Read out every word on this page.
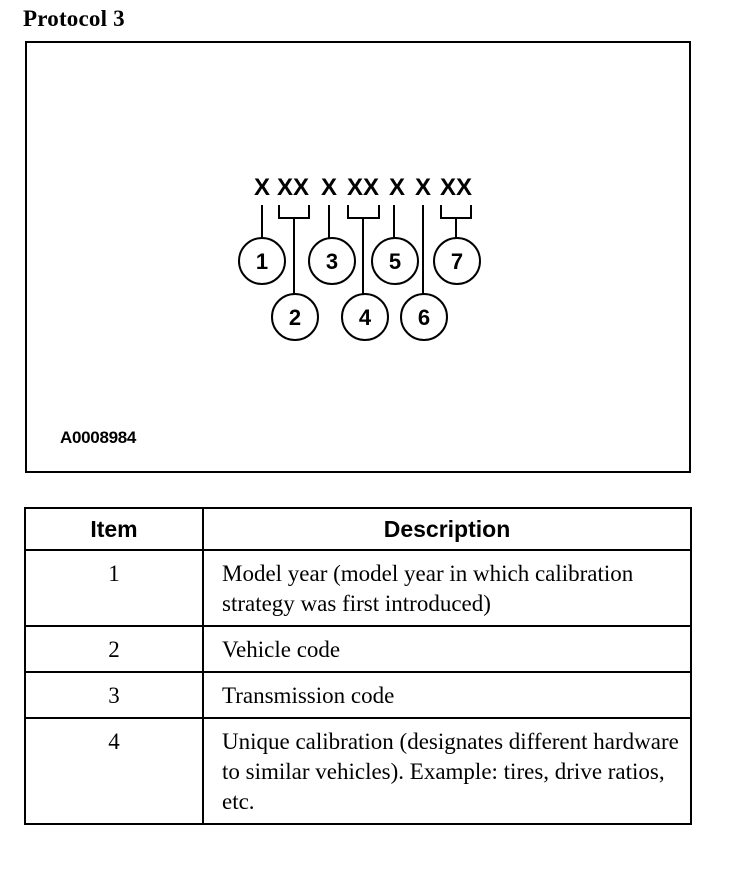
Protocol 3
X XX X XX X X XX
1
2
3
4
5
6
7
A0008984
Item	Description
1	Model year (model year in which calibration strategy was first introduced)
2	Vehicle code
3	Transmission code
4	Unique calibration (designates different hardware to similar vehicles). Example: tires, drive ratios, etc.
